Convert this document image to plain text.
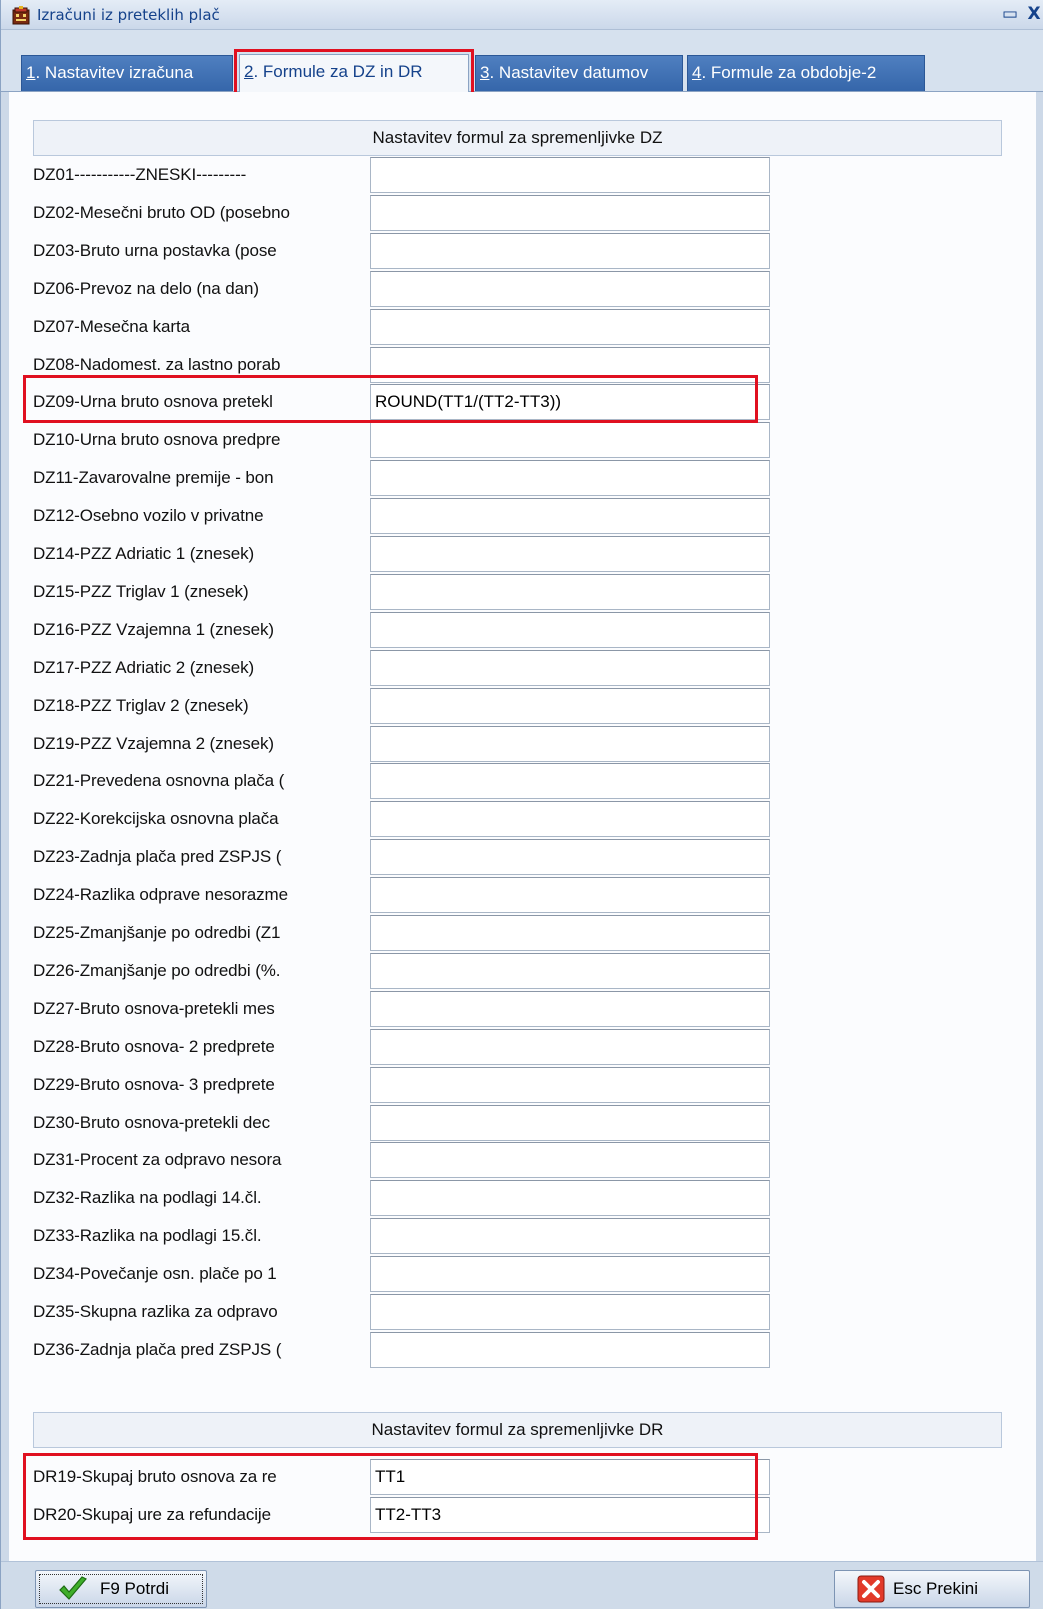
Izračuni iz preteklih plač	▭ X
1. Nastavitev izračuna	2. Formule za DZ in DR	3. Nastavitev datumov	4. Formule za obdobje-2
Nastavitev formul za spremenljivke DZ
DZ01-----------ZNESKI---------
DZ02-Mesečni bruto OD (posebno
DZ03-Bruto urna postavka (pose
DZ06-Prevoz na delo (na dan)
DZ07-Mesečna karta
DZ08-Nadomest. za lastno porab
DZ09-Urna bruto osnova pretekl	ROUND(TT1/(TT2-TT3))
DZ10-Urna bruto osnova predpre
DZ11-Zavarovalne premije - bon
DZ12-Osebno vozilo v privatne
DZ14-PZZ Adriatic 1 (znesek)
DZ15-PZZ Triglav 1 (znesek)
DZ16-PZZ Vzajemna 1 (znesek)
DZ17-PZZ Adriatic 2 (znesek)
DZ18-PZZ Triglav 2 (znesek)
DZ19-PZZ Vzajemna 2 (znesek)
DZ21-Prevedena osnovna plača (
DZ22-Korekcijska osnovna plača
DZ23-Zadnja plača pred ZSPJS (
DZ24-Razlika odprave nesorazme
DZ25-Zmanjšanje po odredbi (Z1
DZ26-Zmanjšanje po odredbi (%.
DZ27-Bruto osnova-pretekli mes
DZ28-Bruto osnova- 2 predprete
DZ29-Bruto osnova- 3 predprete
DZ30-Bruto osnova-pretekli dec
DZ31-Procent za odpravo nesora
DZ32-Razlika na podlagi 14.čl.
DZ33-Razlika na podlagi 15.čl.
DZ34-Povečanje osn. plače po 1
DZ35-Skupna razlika za odpravo
DZ36-Zadnja plača pred ZSPJS (
Nastavitev formul za spremenljivke DR
DR19-Skupaj bruto osnova za re	TT1
DR20-Skupaj ure za refundacije	TT2-TT3
F9 Potrdi	Esc Prekini
